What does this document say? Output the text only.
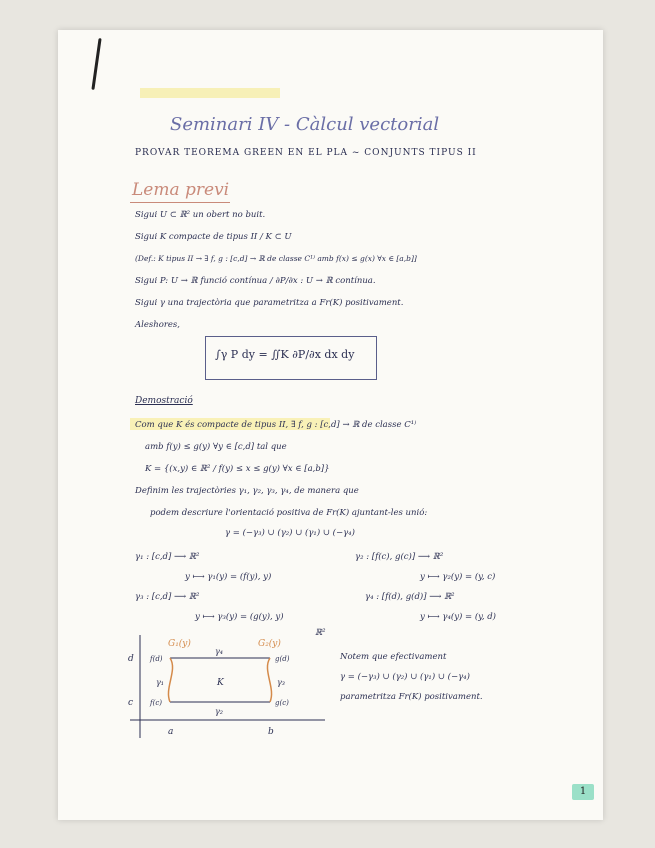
Seminari IV - Càlcul vectorial
PROVAR TEOREMA GREEN EN EL PLA ~ CONJUNTS TIPUS II
Lema previ
Sigui U ⊂ ℝ² un obert no buit.
Sigui K compacte de tipus II / K ⊂ U
(Def.: K tipus II → ∃ f, g : [c,d] → ℝ de classe C¹⁾ amb f(x) ≤ g(x) ∀x ∈ [a,b]]
Sigui P: U → ℝ funció contínua / ∂P/∂x : U → ℝ contínua.
Sigui γ una trajectòria que parametritza a Fr(K) positivament.
Aleshores,
∫γ P dy = ∬K ∂P/∂x dx dy
Demostració
Com que K és compacte de tipus II, ∃ f, g : [c,d] → ℝ de classe C¹⁾
amb f(y) ≤ g(y) ∀y ∈ [c,d] tal que
K = {(x,y) ∈ ℝ² / f(y) ≤ x ≤ g(y) ∀x ∈ [a,b]}
Definim les trajectòries γ₁, γ₂, γ₃, γ₄, de manera que
podem descriure l'orientació positiva de Fr(K) ajuntant-les unió:
γ = (−γ₃) ∪ (γ₂) ∪ (γ₁) ∪ (−γ₄)
γ₁ : [c,d] ⟶ ℝ²	γ₂ : [f(c), g(c)] ⟶ ℝ²
y ⟼ γ₁(y) = (f(y), y)	y ⟼ γ₂(y) = (y, c)
γ₃ : [c,d] ⟶ ℝ²	γ₄ : [f(d), g(d)] ⟶ ℝ²
y ⟼ γ₃(y) = (g(y), y)	y ⟼ γ₄(y) = (y, d)
ℝ²
G₁(y)	G₂(y)
d
c
f(d)
f(c)
g(d)
g(c)
K
γ₄
γ₂
γ₁	γ₃
a	b
Notem que efectivament
γ = (−γ₃) ∪ (γ₂) ∪ (γ₁) ∪ (−γ₄)
parametritza Fr(K) positivament.
1
